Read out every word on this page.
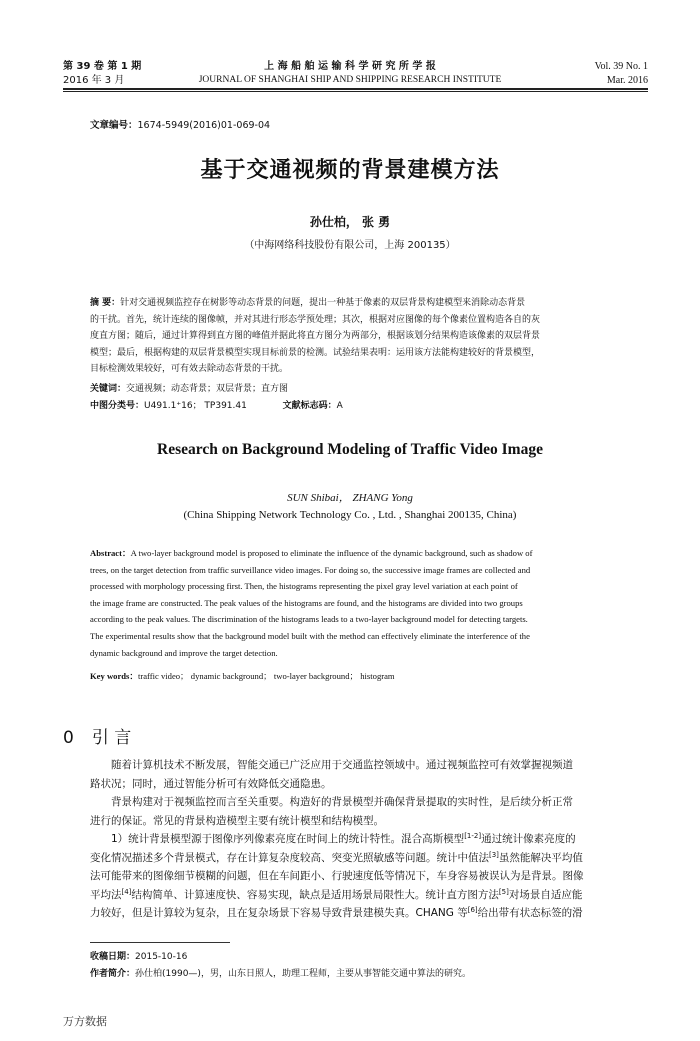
第 39 卷 第 1 期
2016 年 3 月
上 海 船 舶 运 输 科 学 研 究 所 学 报
JOURNAL OF SHANGHAI SHIP AND SHIPPING RESEARCH INSTITUTE
Vol. 39 No. 1
Mar. 2016
文章编号：1674-5949(2016)01-069-04
基于交通视频的背景建模方法
孙仕柏， 张 勇
（中海网络科技股份有限公司，上海 200135）
摘 要：针对交通视频监控存在树影等动态背景的问题，提出一种基于像素的双层背景构建模型来消除动态背景
的干扰。首先，统计连续的图像帧，并对其进行形态学预处理；其次，根据对应图像的每个像素位置构造各自的灰
度直方图；随后，通过计算得到直方图的峰值并据此将直方图分为两部分，根据该划分结果构造该像素的双层背景
模型；最后，根据构建的双层背景模型实现目标前景的检测。试验结果表明：运用该方法能构建较好的背景模型，
目标检测效果较好，可有效去除动态背景的干扰。
关键词：交通视频；动态背景；双层背景；直方图
中图分类号：U491.1⁺16； TP391.41	文献标志码：A
Research on Background Modeling of Traffic Video Image
SUN Shibai， ZHANG Yong
(China Shipping Network Technology Co. , Ltd. , Shanghai 200135, China)
Abstract：A two-layer background model is proposed to eliminate the influence of the dynamic background, such as shadow of
trees, on the target detection from traffic surveillance video images. For doing so, the successive image frames are collected and
processed with morphology processing first. Then, the histograms representing the pixel gray level variation at each point of
the image frame are constructed. The peak values of the histograms are found, and the histograms are divided into two groups
according to the peak values. The discrimination of the histograms leads to a two-layer background model for detecting targets.
The experimental results show that the background model built with the method can effectively eliminate the interference of the
dynamic background and improve the target detection.
Key words：traffic video； dynamic background； two-layer background； histogram
0 引 言
随着计算机技术不断发展，智能交通已广泛应用于交通监控领域中。通过视频监控可有效掌握视频道
路状况；同时，通过智能分析可有效降低交通隐患。
背景构建对于视频监控而言至关重要。构造好的背景模型并确保背景提取的实时性，是后续分析正常
进行的保证。常见的背景构造模型主要有统计模型和结构模型。
1）统计背景模型源于图像序列像素亮度在时间上的统计特性。混合高斯模型[1-2]通过统计像素亮度的
变化情况描述多个背景模式，存在计算复杂度较高、突变光照敏感等问题。统计中值法[3]虽然能解决平均值
法可能带来的图像细节模糊的问题，但在车间距小、行驶速度低等情况下，车身容易被误认为是背景。图像
平均法[4]结构简单、计算速度快、容易实现，缺点是适用场景局限性大。统计直方图方法[5]对场景自适应能
力较好，但是计算较为复杂，且在复杂场景下容易导致背景建模失真。CHANG 等[6]给出带有状态标签的滑
收稿日期：2015-10-16
作者简介：孙仕柏(1990—)，男，山东日照人，助理工程师，主要从事智能交通中算法的研究。
万方数据
